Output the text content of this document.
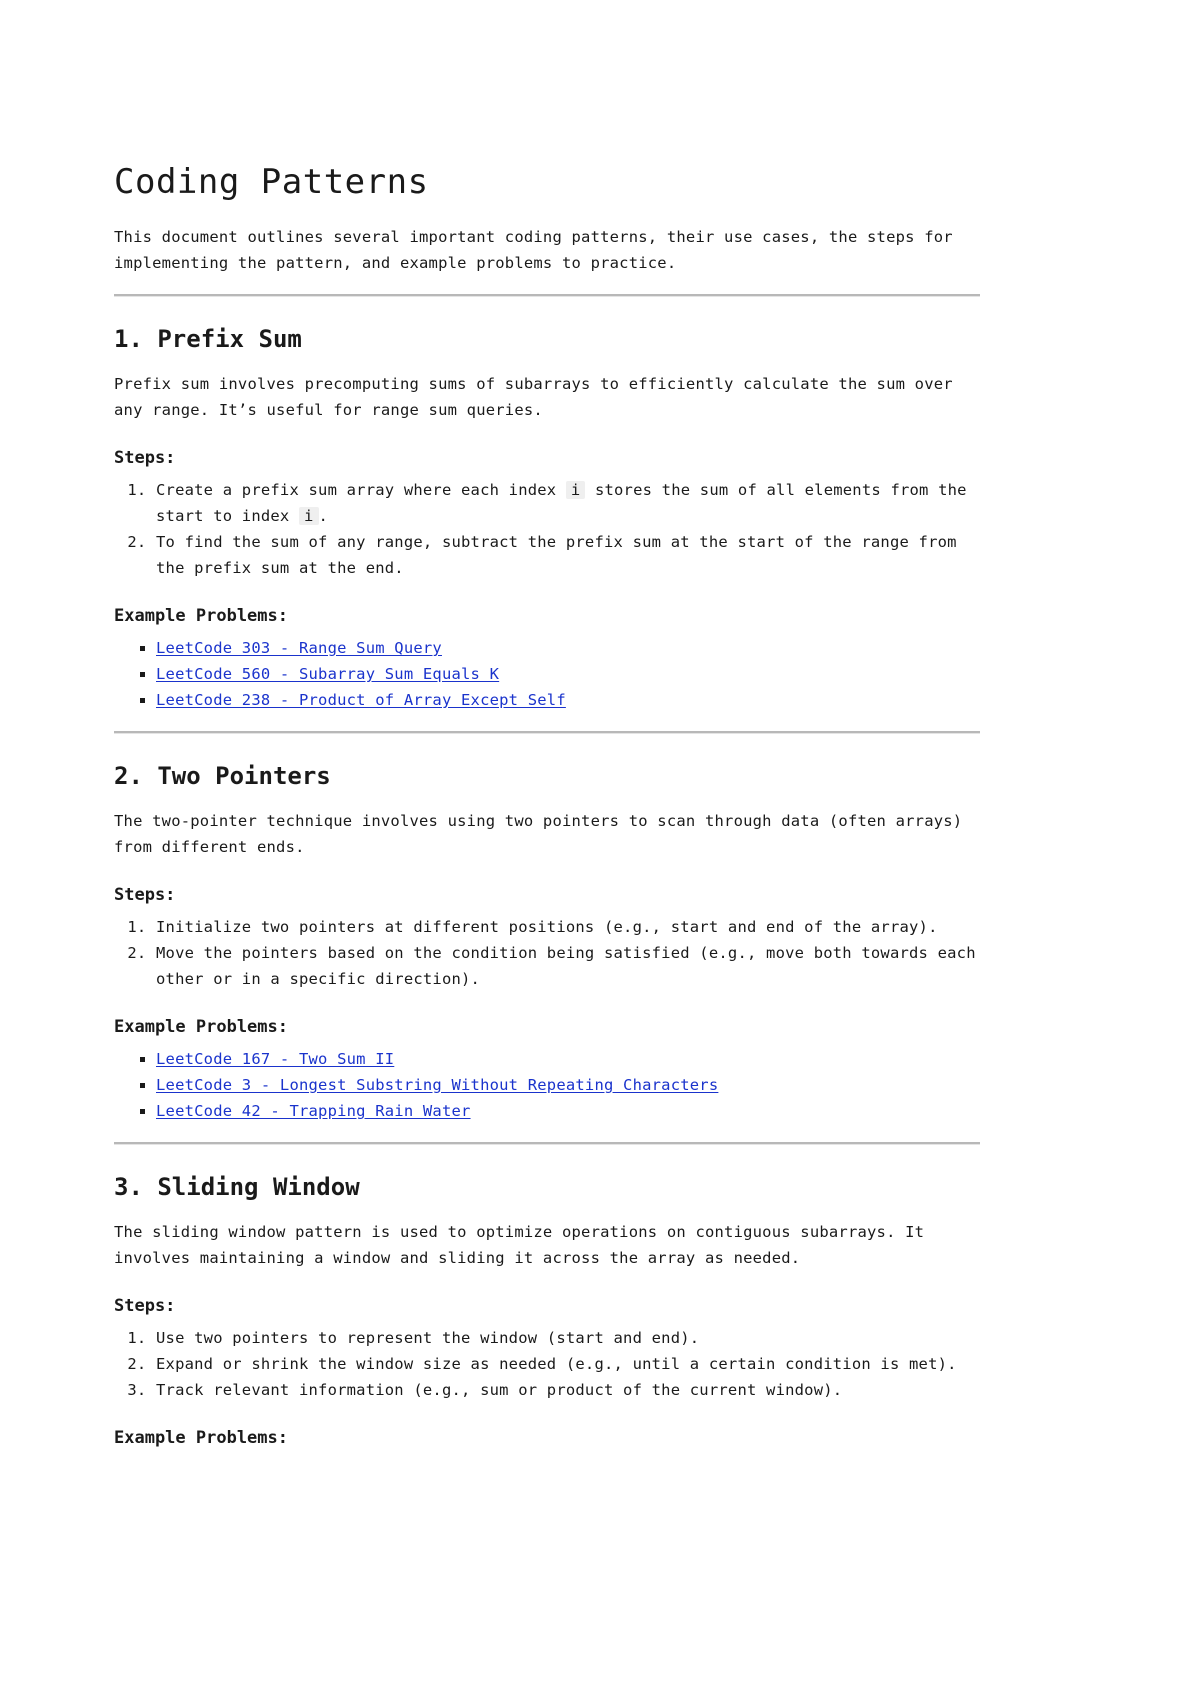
Coding Patterns

This document outlines several important coding patterns, their use cases, the steps for implementing the pattern, and example problems to practice.

1. Prefix Sum

Prefix sum involves precomputing sums of subarrays to efficiently calculate the sum over any range. It’s useful for range sum queries.

Steps:
1. Create a prefix sum array where each index i stores the sum of all elements from the start to index i .
2. To find the sum of any range, subtract the prefix sum at the start of the range from the prefix sum at the end.
Example Problems:
▪ LeetCode 303 - Range Sum Query
▪ LeetCode 560 - Subarray Sum Equals K
▪ LeetCode 238 - Product of Array Except Self
2. Two Pointers

The two-pointer technique involves using two pointers to scan through data (often arrays) from different ends.

Steps:
1. Initialize two pointers at different positions (e.g., start and end of the array).
2. Move the pointers based on the condition being satisfied (e.g., move both towards each other or in a specific direction).
Example Problems:
▪ LeetCode 167 - Two Sum II
▪ LeetCode 3 - Longest Substring Without Repeating Characters
▪ LeetCode 42 - Trapping Rain Water
3. Sliding Window

The sliding window pattern is used to optimize operations on contiguous subarrays. It involves maintaining a window and sliding it across the array as needed.

Steps:
1. Use two pointers to represent the window (start and end).
2. Expand or shrink the window size as needed (e.g., until a certain condition is met).
3. Track relevant information (e.g., sum or product of the current window).
Example Problems:
